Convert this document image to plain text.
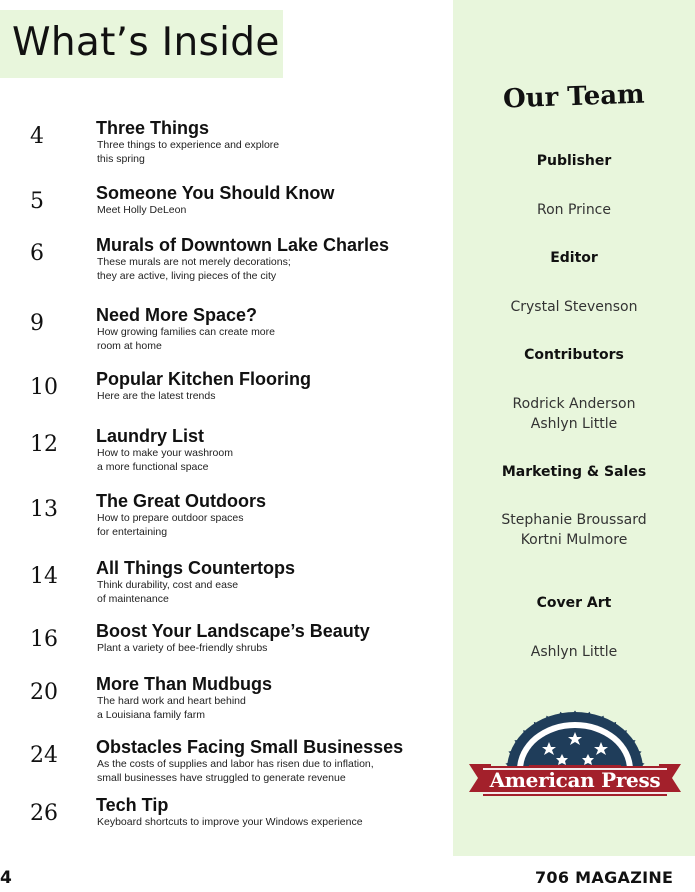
What’s Inside
4	Three Things
Three things to experience and explore
this spring
5	Someone You Should Know
Meet Holly DeLeon
6	Murals of Downtown Lake Charles
These murals are not merely decorations;
they are active, living pieces of the city
9	Need More Space?
How growing families can create more
room at home
10 Popular Kitchen Flooring
Here are the latest trends
12 Laundry List
How to make your washroom
a more functional space
13 The Great Outdoors
How to prepare outdoor spaces
for entertaining
14 All Things Countertops
Think durability, cost and ease
of maintenance
16 Boost Your Landscape’s Beauty
Plant a variety of bee-friendly shrubs
20 More Than Mudbugs
The hard work and heart behind
a Louisiana family farm
24 Obstacles Facing Small Businesses
As the costs of supplies and labor has risen due to inflation,
small businesses have struggled to generate revenue
26 Tech Tip
Keyboard shortcuts to improve your Windows experience
Our Team
Publisher
Ron Prince
Editor
Crystal Stevenson
Contributors
Rodrick Anderson
Ashlyn Little
Marketing & Sales
Stephanie Broussard
Kortni Mulmore
Cover Art
Ashlyn Little
American Press
4	706 MAGAZINE
